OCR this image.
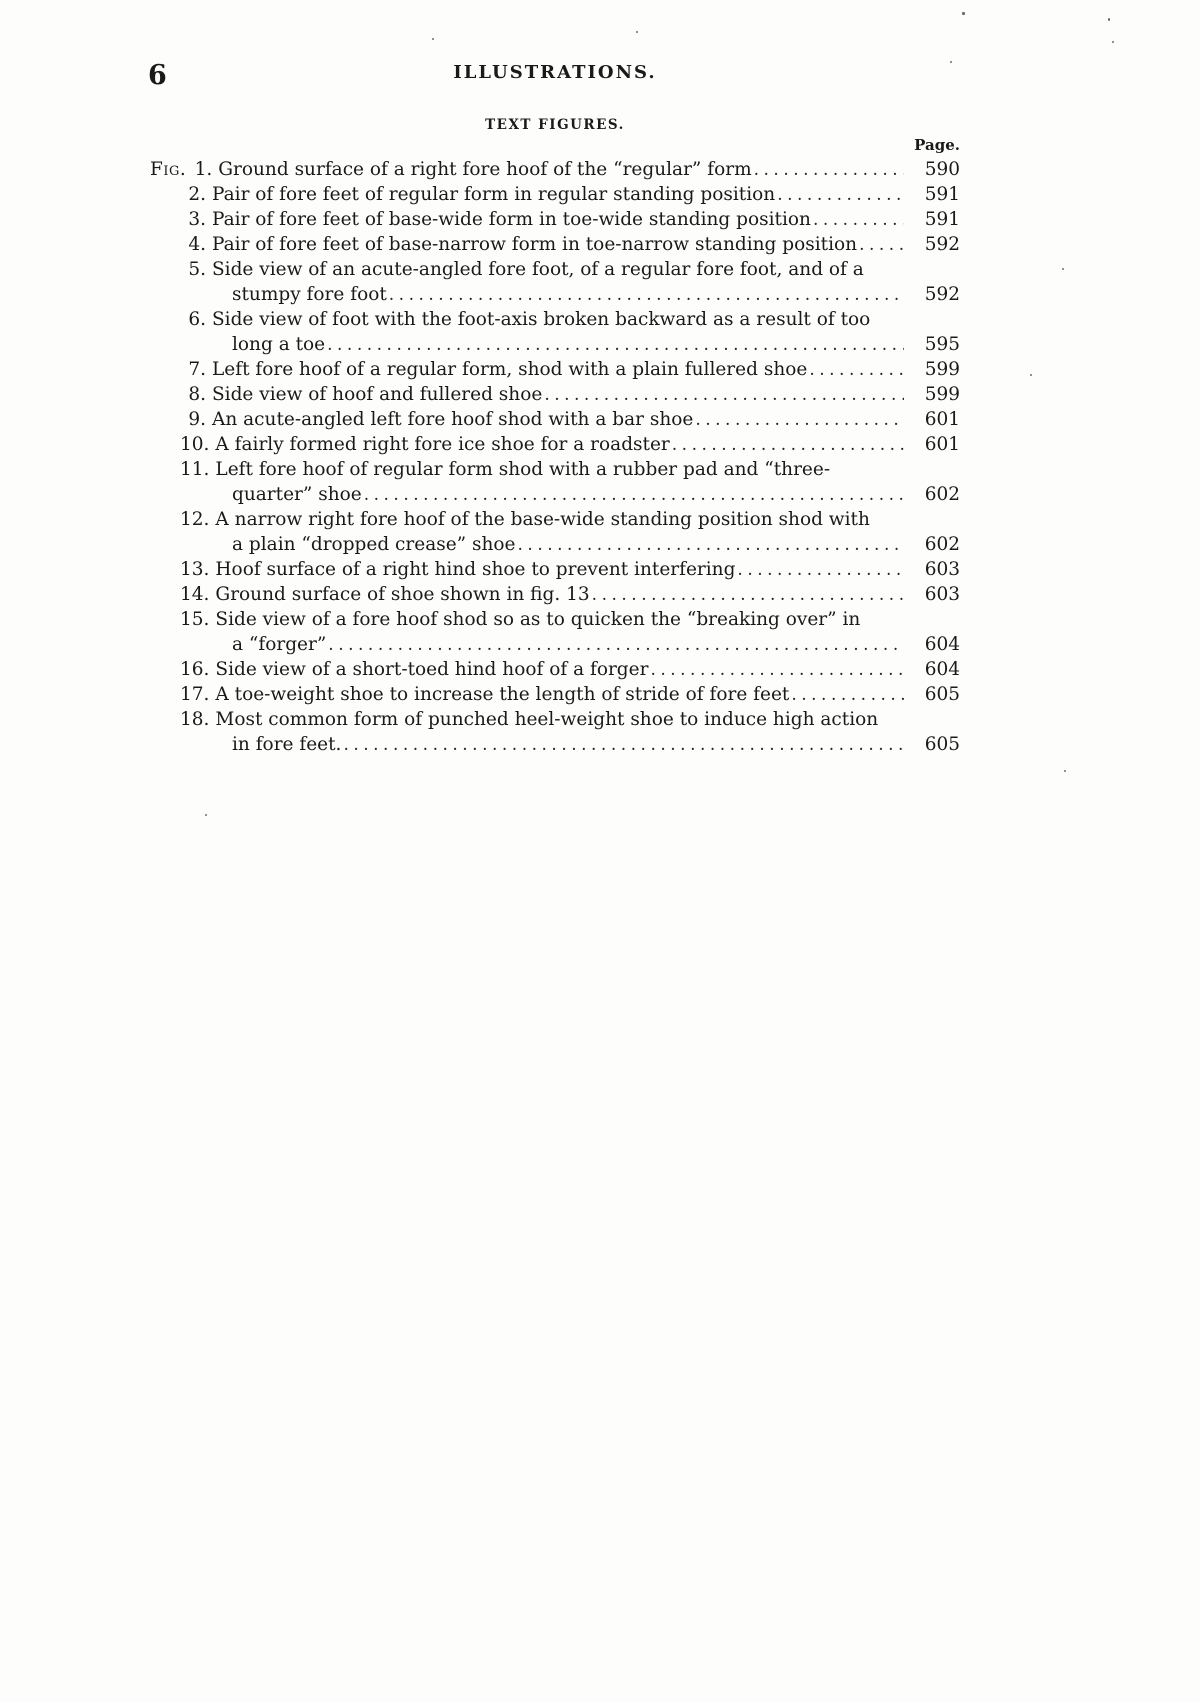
6	ILLUSTRATIONS.
TEXT FIGURES.
Page.
Fig. 1. Ground surface of a right fore hoof of the “regular” form .....	590
2. Pair of fore feet of regular form in regular standing position .....	591
3. Pair of fore feet of base-wide form in toe-wide standing position .....	591
4. Pair of fore feet of base-narrow form in toe-narrow standing position .....	592
5. Side view of an acute-angled fore foot, of a regular fore foot, and of a
stumpy fore foot .....	592
6. Side view of foot with the foot-axis broken backward as a result of too
long a toe .....	595
7. Left fore hoof of a regular form, shod with a plain fullered shoe .....	599
8. Side view of hoof and fullered shoe .....	599
9. An acute-angled left fore hoof shod with a bar shoe .....	601
10. A fairly formed right fore ice shoe for a roadster .....	601
11. Left fore hoof of regular form shod with a rubber pad and “three-
quarter” shoe .....	602
12. A narrow right fore hoof of the base-wide standing position shod with
a plain “dropped crease” shoe .....	602
13. Hoof surface of a right hind shoe to prevent interfering .....	603
14. Ground surface of shoe shown in fig. 13 .....	603
15. Side view of a fore hoof shod so as to quicken the “breaking over” in
a “forger” .....	604
16. Side view of a short-toed hind hoof of a forger .....	604
17. A toe-weight shoe to increase the length of stride of fore feet .....	605
18. Most common form of punched heel-weight shoe to induce high action
in fore feet. .....	605
